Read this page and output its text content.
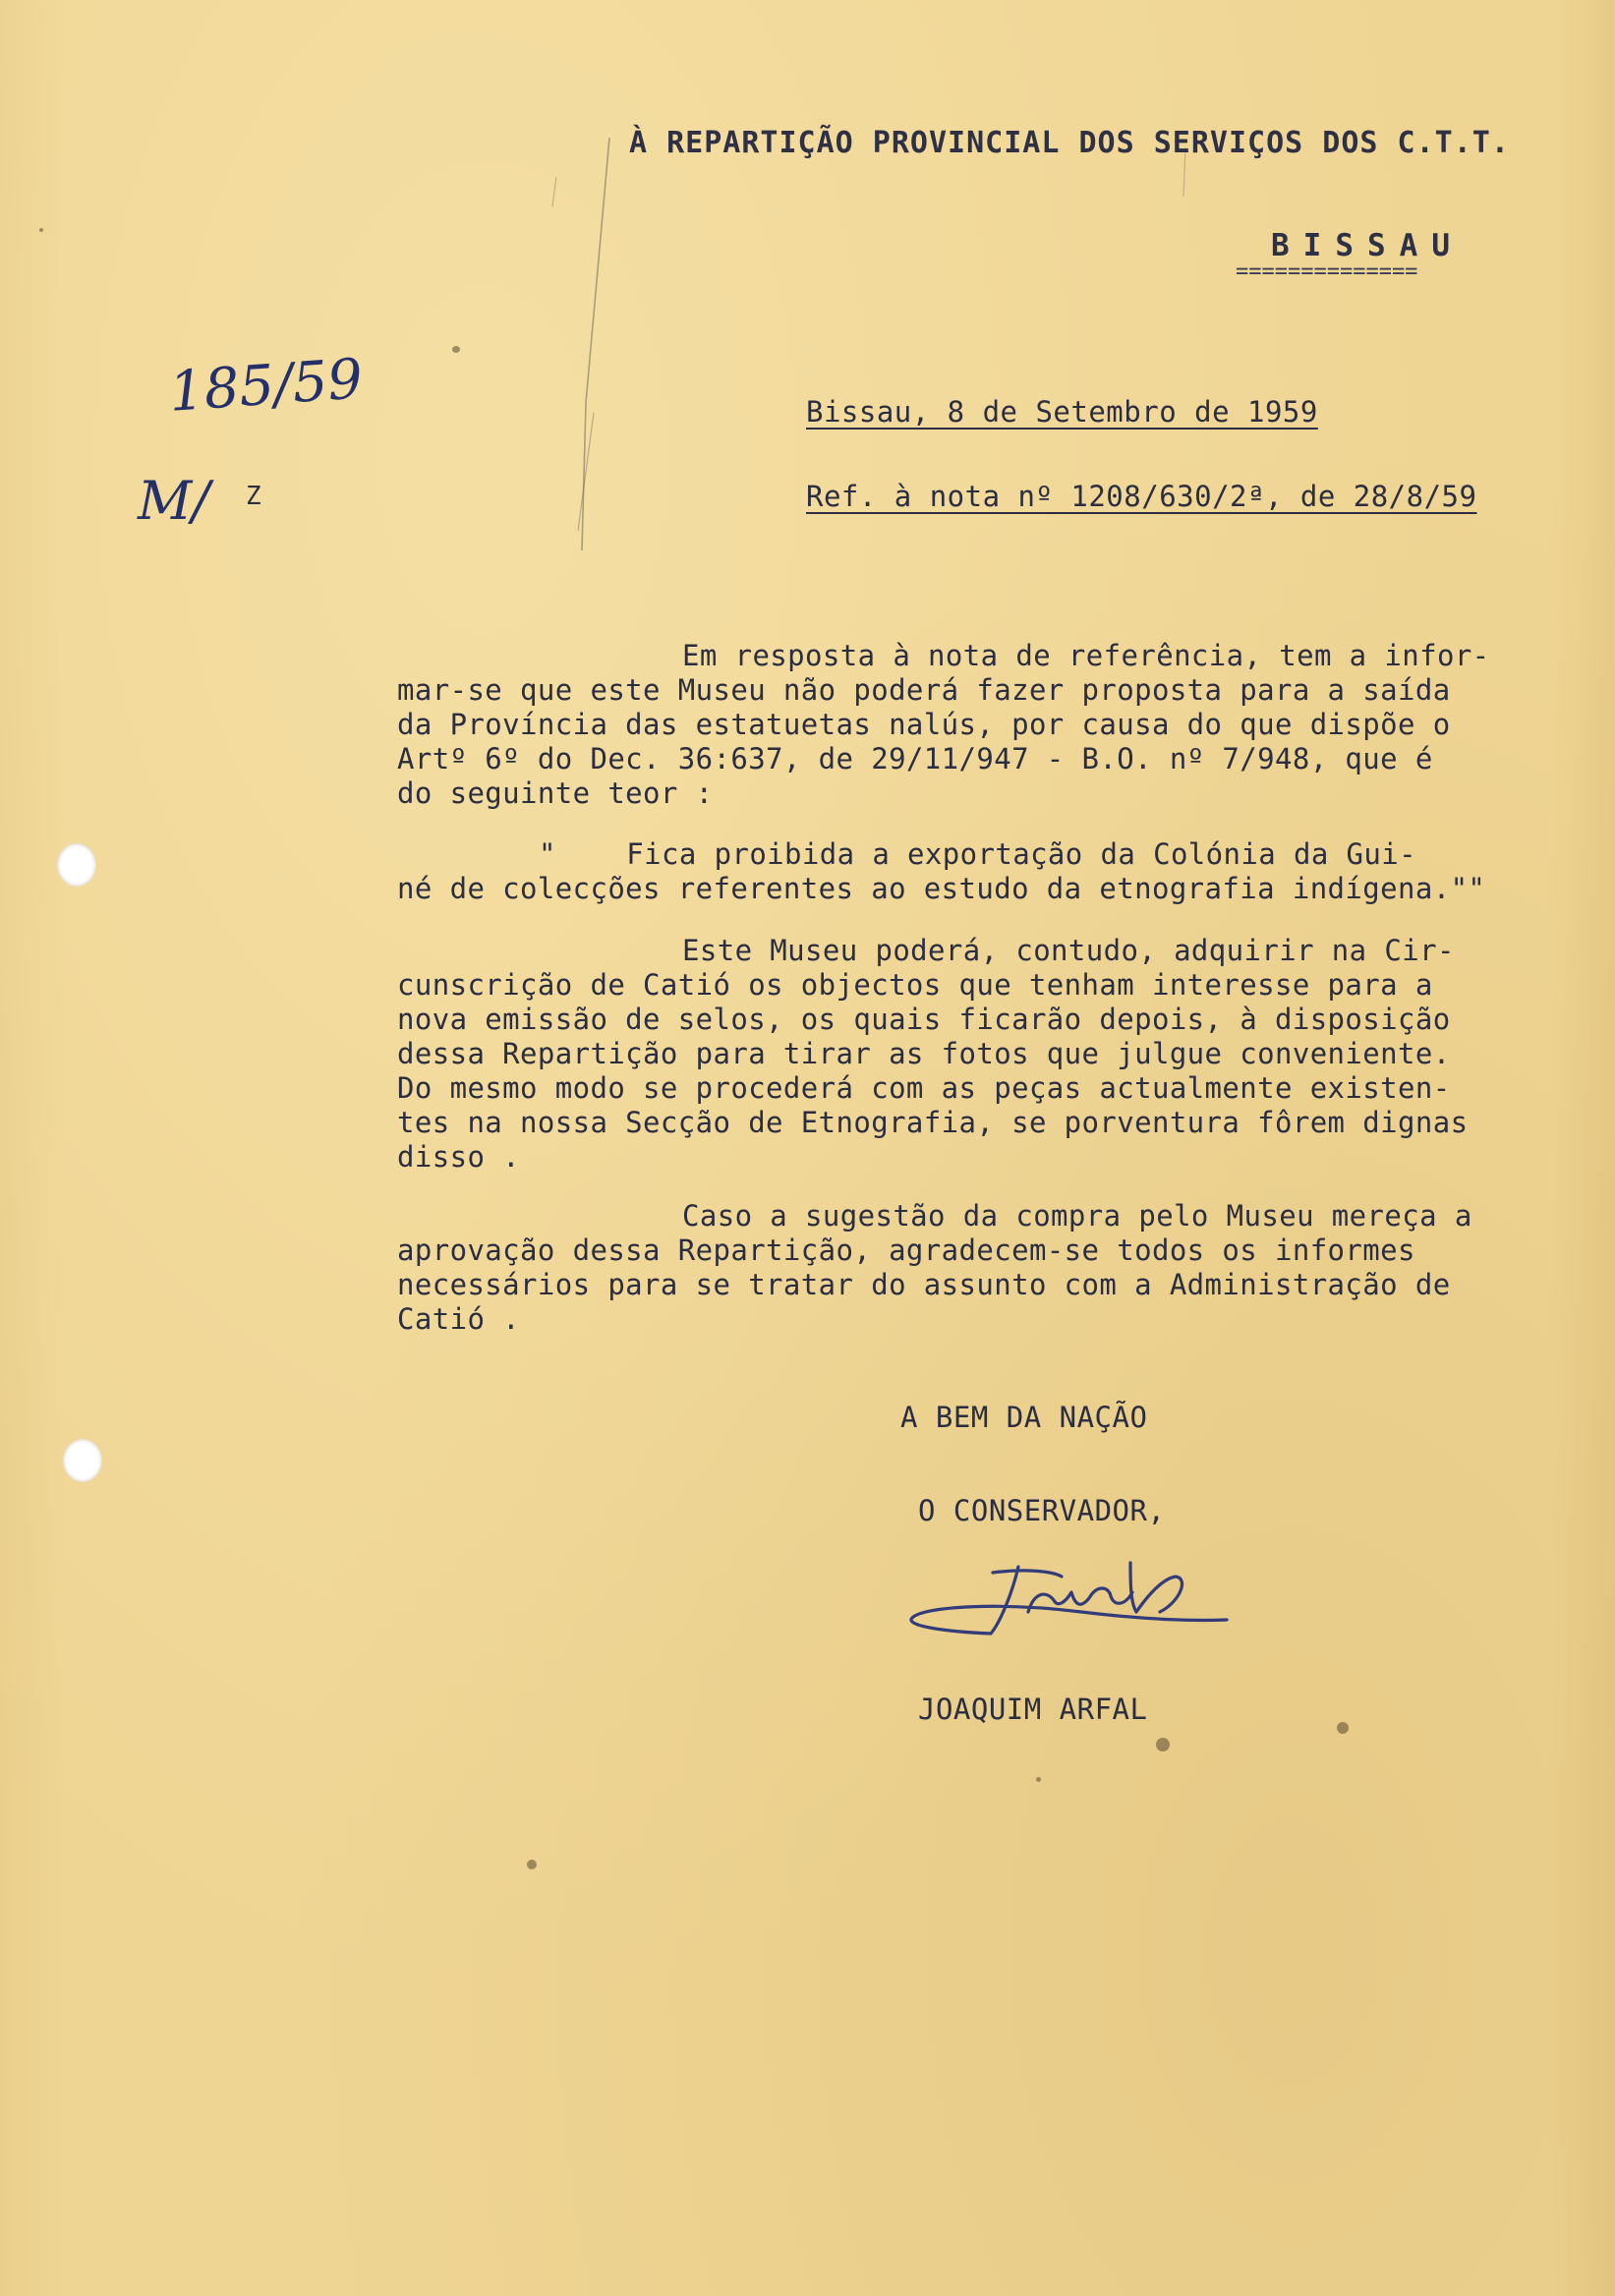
À REPARTIÇÃO PROVINCIAL DOS SERVIÇOS DOS C.T.T.
BISSAU
==============
185/59
M/ Z
Bissau, 8 de Setembro de 1959
Ref. à nota nº 1208/630/2ª, de 28/8/59

Em resposta à nota de referência, tem a infor-

mar-se que este Museu não poderá fazer proposta para a saída

da Província das estatuetas nalús, por causa do que dispõe o

Artº 6º do Dec. 36:637, de 29/11/947 - B.O. nº 7/948, que é

do seguinte teor :

"    Fica proibida a exportação da Colónia da Gui-

né de colecções referentes ao estudo da etnografia indígena.""

Este Museu poderá, contudo, adquirir na Cir-

cunscrição de Catió os objectos que tenham interesse para a

nova emissão de selos, os quais ficarão depois, à disposição

dessa Repartição para tirar as fotos que julgue conveniente.

Do mesmo modo se procederá com as peças actualmente existen-

tes na nossa Secção de Etnografia, se porventura fôrem dignas

disso .

Caso a sugestão da compra pelo Museu mereça a

aprovação dessa Repartição, agradecem-se todos os informes

necessários para se tratar do assunto com a Administração de

Catió .

A BEM DA NAÇÃO
O CONSERVADOR,
JOAQUIM ARFAL
